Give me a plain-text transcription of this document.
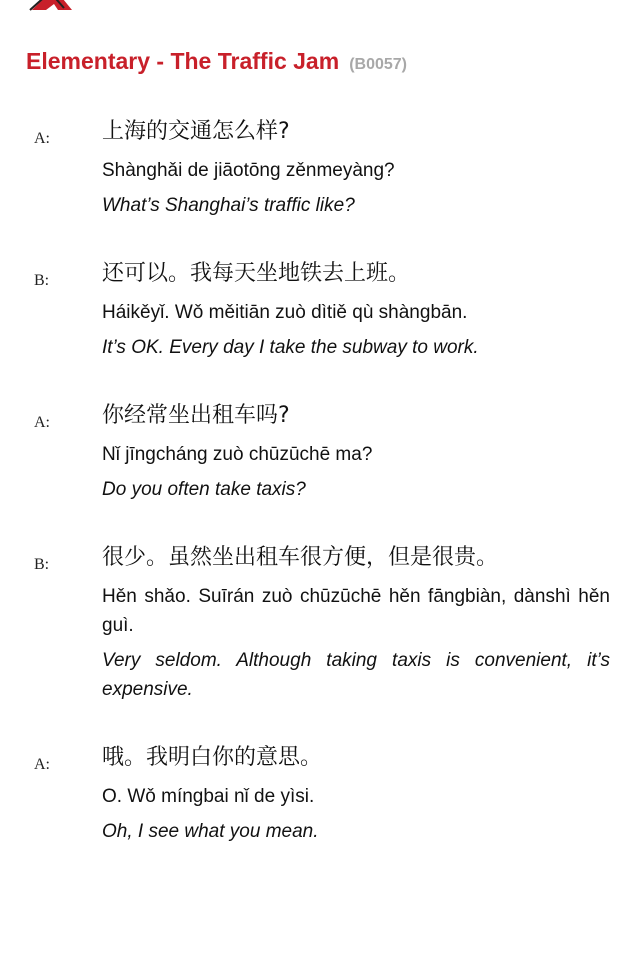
Elementary - The Traffic Jam (B0057)
A: 上海的交通怎么样?
Shànghǎi de jiāotōng zěnmeyàng?
What’s Shanghai’s traffic like?
B: 还可以。我每天坐地铁去上班。
Háikěyǐ. Wǒ měitiān zuò dìtiě qù shàngbān.
It’s OK. Every day I take the subway to work.
A: 你经常坐出租车吗?
Nǐ jīngcháng zuò chūzūchē ma?
Do you often take taxis?
B: 很少。虽然坐出租车很方便，但是很贵。
Hěn shǎo. Suīrán zuò chūzūchē hěn fāngbiàn, dànshì hěn guì.
Very seldom. Although taking taxis is convenient, it’s expensive.
A: 哦。我明白你的意思。
O. Wǒ míngbai nǐ de yìsi.
Oh, I see what you mean.
